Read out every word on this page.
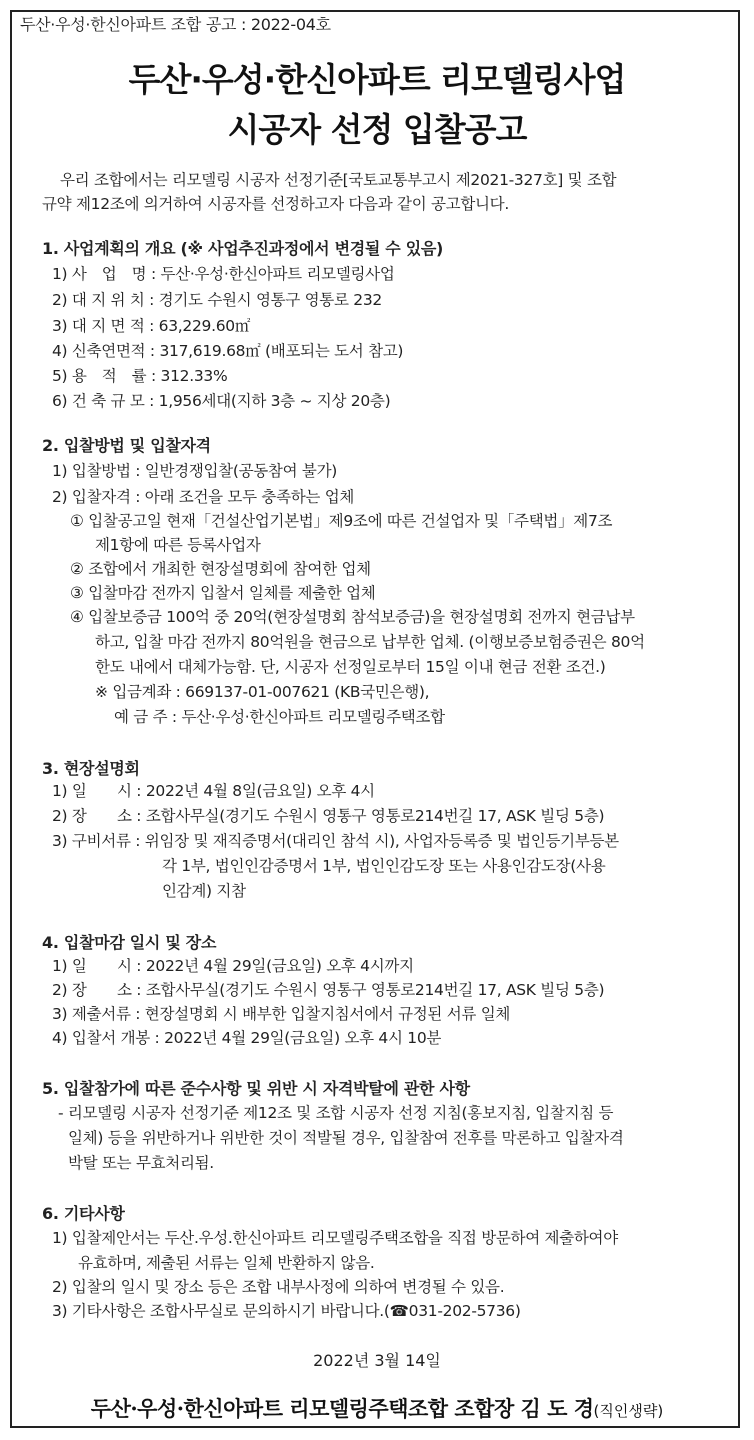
두산·우성·한신아파트 조합 공고 : 2022-04호
두산·우성·한신아파트 리모델링사업
시공자 선정 입찰공고
우리 조합에서는 리모델링 시공자 선정기준[국토교통부고시 제2021-327호] 및 조합
규약 제12조에 의거하여 시공자를 선정하고자 다음과 같이 공고합니다.
1. 사업계획의 개요 (※ 사업추진과정에서 변경될 수 있음)
1) 사　업　명 : 두산·우성·한신아파트 리모델링사업
2) 대 지 위 치 : 경기도 수원시 영통구 영통로 232
3) 대 지 면 적 : 63,229.60㎡
4) 신축연면적 : 317,619.68㎡ (배포되는 도서 참고)
5) 용　적　률 : 312.33%
6) 건 축 규 모 : 1,956세대(지하 3층 ~ 지상 20층)
2. 입찰방법 및 입찰자격
1) 입찰방법 : 일반경쟁입찰(공동참여 불가)
2) 입찰자격 : 아래 조건을 모두 충족하는 업체
① 입찰공고일 현재「건설산업기본법」제9조에 따른 건설업자 및「주택법」제7조
제1항에 따른 등록사업자
② 조합에서 개최한 현장설명회에 참여한 업체
③ 입찰마감 전까지 입찰서 일체를 제출한 업체
④ 입찰보증금 100억 중 20억(현장설명회 참석보증금)을 현장설명회 전까지 현금납부
하고, 입찰 마감 전까지 80억원을 현금으로 납부한 업체. (이행보증보험증권은 80억
한도 내에서 대체가능함. 단, 시공자 선정일로부터 15일 이내 현금 전환 조건.)
※ 입금계좌 : 669137-01-007621 (KB국민은행),
예 금 주 : 두산·우성·한신아파트 리모델링주택조합
3. 현장설명회
1) 일　　시 : 2022년 4월 8일(금요일) 오후 4시
2) 장　　소 : 조합사무실(경기도 수원시 영통구 영통로214번길 17, ASK 빌딩 5층)
3) 구비서류 : 위임장 및 재직증명서(대리인 참석 시), 사업자등록증 및 법인등기부등본
각 1부, 법인인감증명서 1부, 법인인감도장 또는 사용인감도장(사용
인감계) 지참
4. 입찰마감 일시 및 장소
1) 일　　시 : 2022년 4월 29일(금요일) 오후 4시까지
2) 장　　소 : 조합사무실(경기도 수원시 영통구 영통로214번길 17, ASK 빌딩 5층)
3) 제출서류 : 현장설명회 시 배부한 입찰지침서에서 규정된 서류 일체
4) 입찰서 개봉 : 2022년 4월 29일(금요일) 오후 4시 10분
5. 입찰참가에 따른 준수사항 및 위반 시 자격박탈에 관한 사항
- 리모델링 시공자 선정기준 제12조 및 조합 시공자 선정 지침(홍보지침, 입찰지침 등
일체) 등을 위반하거나 위반한 것이 적발될 경우, 입찰참여 전후를 막론하고 입찰자격
박탈 또는 무효처리됨.
6. 기타사항
1) 입찰제안서는 두산.우성.한신아파트 리모델링주택조합을 직접 방문하여 제출하여야
유효하며, 제출된 서류는 일체 반환하지 않음.
2) 입찰의 일시 및 장소 등은 조합 내부사정에 의하여 변경될 수 있음.
3) 기타사항은 조합사무실로 문의하시기 바랍니다.(☎031-202-5736)
2022년 3월 14일
두산·우성·한신아파트 리모델링주택조합 조합장 김 도 경(직인생략)
